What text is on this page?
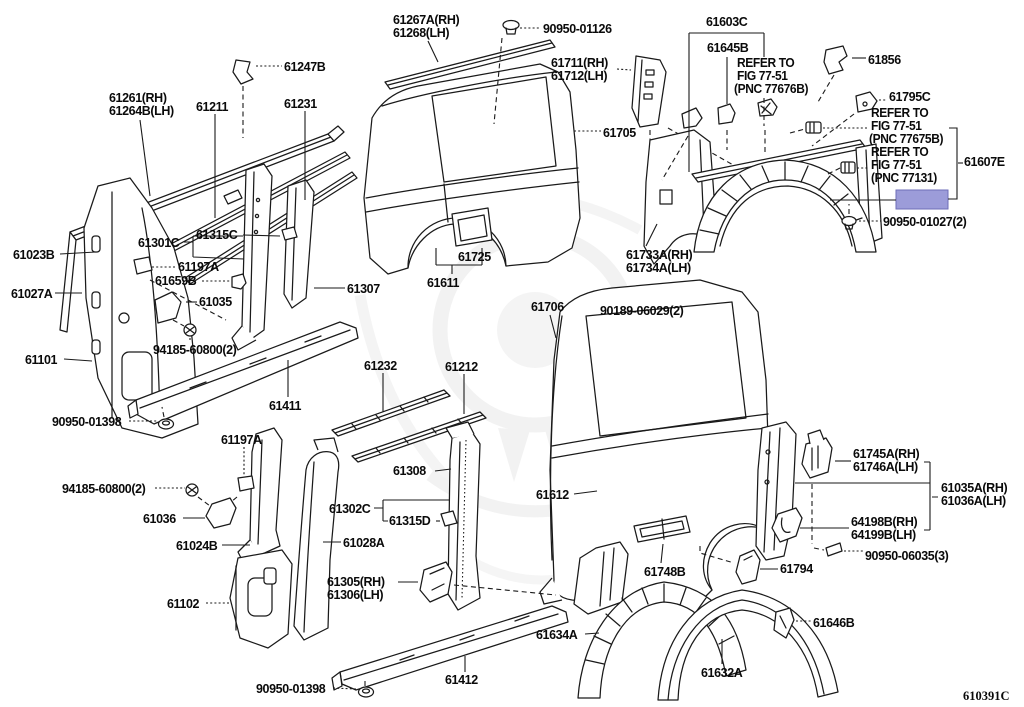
61267A(RH)
61268(LH)	90950-01126
61247B
61261(RH)
61264B(LH) 61211	61231
61711(RH)
61712(LH)
61603C
61645B
REFER TO
FIG 77-51
(PNC 77676B)
61856
61795C
REFER TO
FIG 77-51
(PNC 77675B)
REFER TO
FIG 77-51
(PNC 77131)
61607E
90950-01027(2)
61705
61023B
61301C
61315C
61197A
61659B
61035
61027A	61307
61733A(RH)
61734A(LH)
61725
61611
61101
94185-60800(2)
61706	90189-06029(2)
61232	61212
61411
90950-01398
61197A
94185-60800(2)
61036
61024B
61302C
61315D
61308
61612
61028A
61305(RH)
61306(LH)
61102
61745A(RH)
61746A(LH)
61035A(RH)
61036A(LH)
64198B(RH)
64199B(LH)
90950-06035(3)
61794
61748B
61634A
61632A
61646B
61412
90950-01398	610391C
